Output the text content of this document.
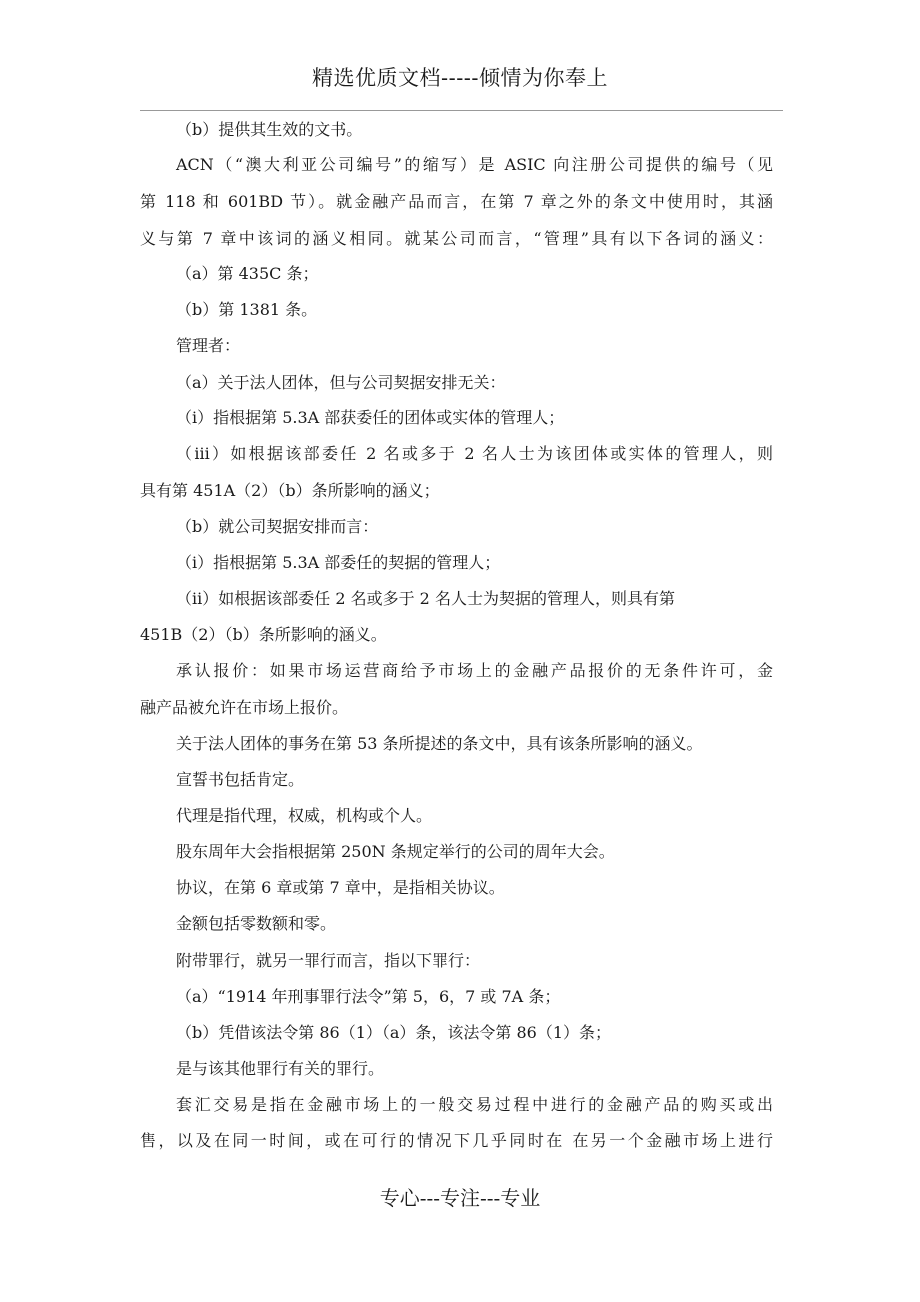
精选优质文档-----倾情为你奉上
（b）提供其生效的文书。
ACN（“澳大利亚公司编号”的缩写）是 ASIC 向注册公司提供的编号（见
第 118 和 601BD 节）。就金融产品而言，在第 7 章之外的条文中使用时，其涵
义与第 7 章中该词的涵义相同。就某公司而言，“管理”具有以下各词的涵义：
（a）第 435C 条；
（b）第 1381 条。
管理者：
（a）关于法人团体，但与公司契据安排无关：
（i）指根据第 5.3A 部获委任的团体或实体的管理人；
（iii）如根据该部委任 2 名或多于 2 名人士为该团体或实体的管理人，则
具有第 451A（2）（b）条所影响的涵义；
（b）就公司契据安排而言：
（i）指根据第 5.3A 部委任的契据的管理人；
（ii）如根据该部委任 2 名或多于 2 名人士为契据的管理人，则具有第
451B（2）（b）条所影响的涵义。
承认报价：如果市场运营商给予市场上的金融产品报价的无条件许可，金
融产品被允许在市场上报价。
关于法人团体的事务在第 53 条所提述的条文中，具有该条所影响的涵义。
宣誓书包括肯定。
代理是指代理，权威，机构或个人。
股东周年大会指根据第 250N 条规定举行的公司的周年大会。
协议，在第 6 章或第 7 章中，是指相关协议。
金额包括零数额和零。
附带罪行，就另一罪行而言，指以下罪行：
（a）“1914 年刑事罪行法令”第 5，6，7 或 7A 条；
（b）凭借该法令第 86（1）（a）条，该法令第 86（1）条；
是与该其他罪行有关的罪行。
套汇交易是指在金融市场上的一般交易过程中进行的金融产品的购买或出
售，以及在同一时间，或在可行的情况下几乎同时在 在另一个金融市场上进行
专心---专注---专业
